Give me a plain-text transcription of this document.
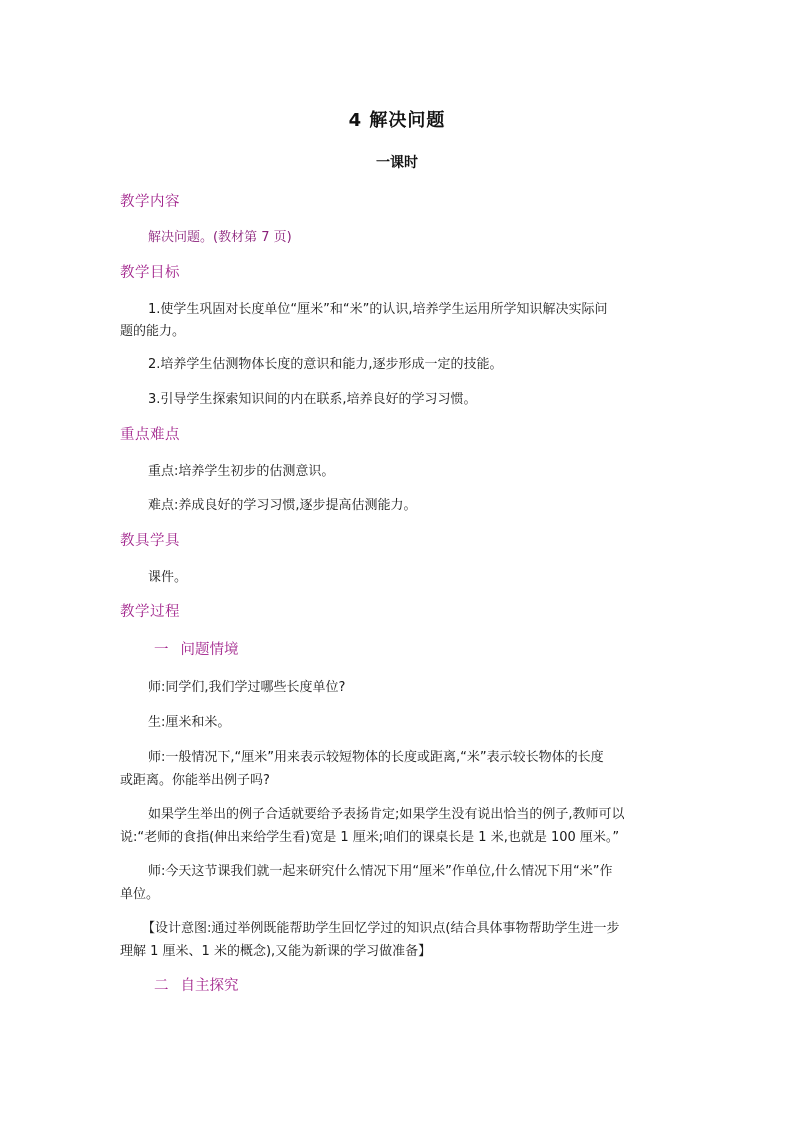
4 解决问题
一课时
教学内容
解决问题。(教材第 7 页)
教学目标
1.使学生巩固对长度单位“厘米”和“米”的认识,培养学生运用所学知识解决实际问
题的能力。
2.培养学生估测物体长度的意识和能力,逐步形成一定的技能。
3.引导学生探索知识间的内在联系,培养良好的学习习惯。
重点难点
重点:培养学生初步的估测意识。
难点:养成良好的学习习惯,逐步提高估测能力。
教具学具
课件。
教学过程
一 问题情境
师:同学们,我们学过哪些长度单位?
生:厘米和米。
师:一般情况下,“厘米”用来表示较短物体的长度或距离,“米”表示较长物体的长度
或距离。你能举出例子吗?
如果学生举出的例子合适就要给予表扬肯定;如果学生没有说出恰当的例子,教师可以
说:“老师的食指(伸出来给学生看)宽是 1 厘米;咱们的课桌长是 1 米,也就是 100 厘米。”
师:今天这节课我们就一起来研究什么情况下用“厘米”作单位,什么情况下用“米”作
单位。
【设计意图:通过举例既能帮助学生回忆学过的知识点(结合具体事物帮助学生进一步
理解 1 厘米、1 米的概念),又能为新课的学习做准备】
二 自主探究
